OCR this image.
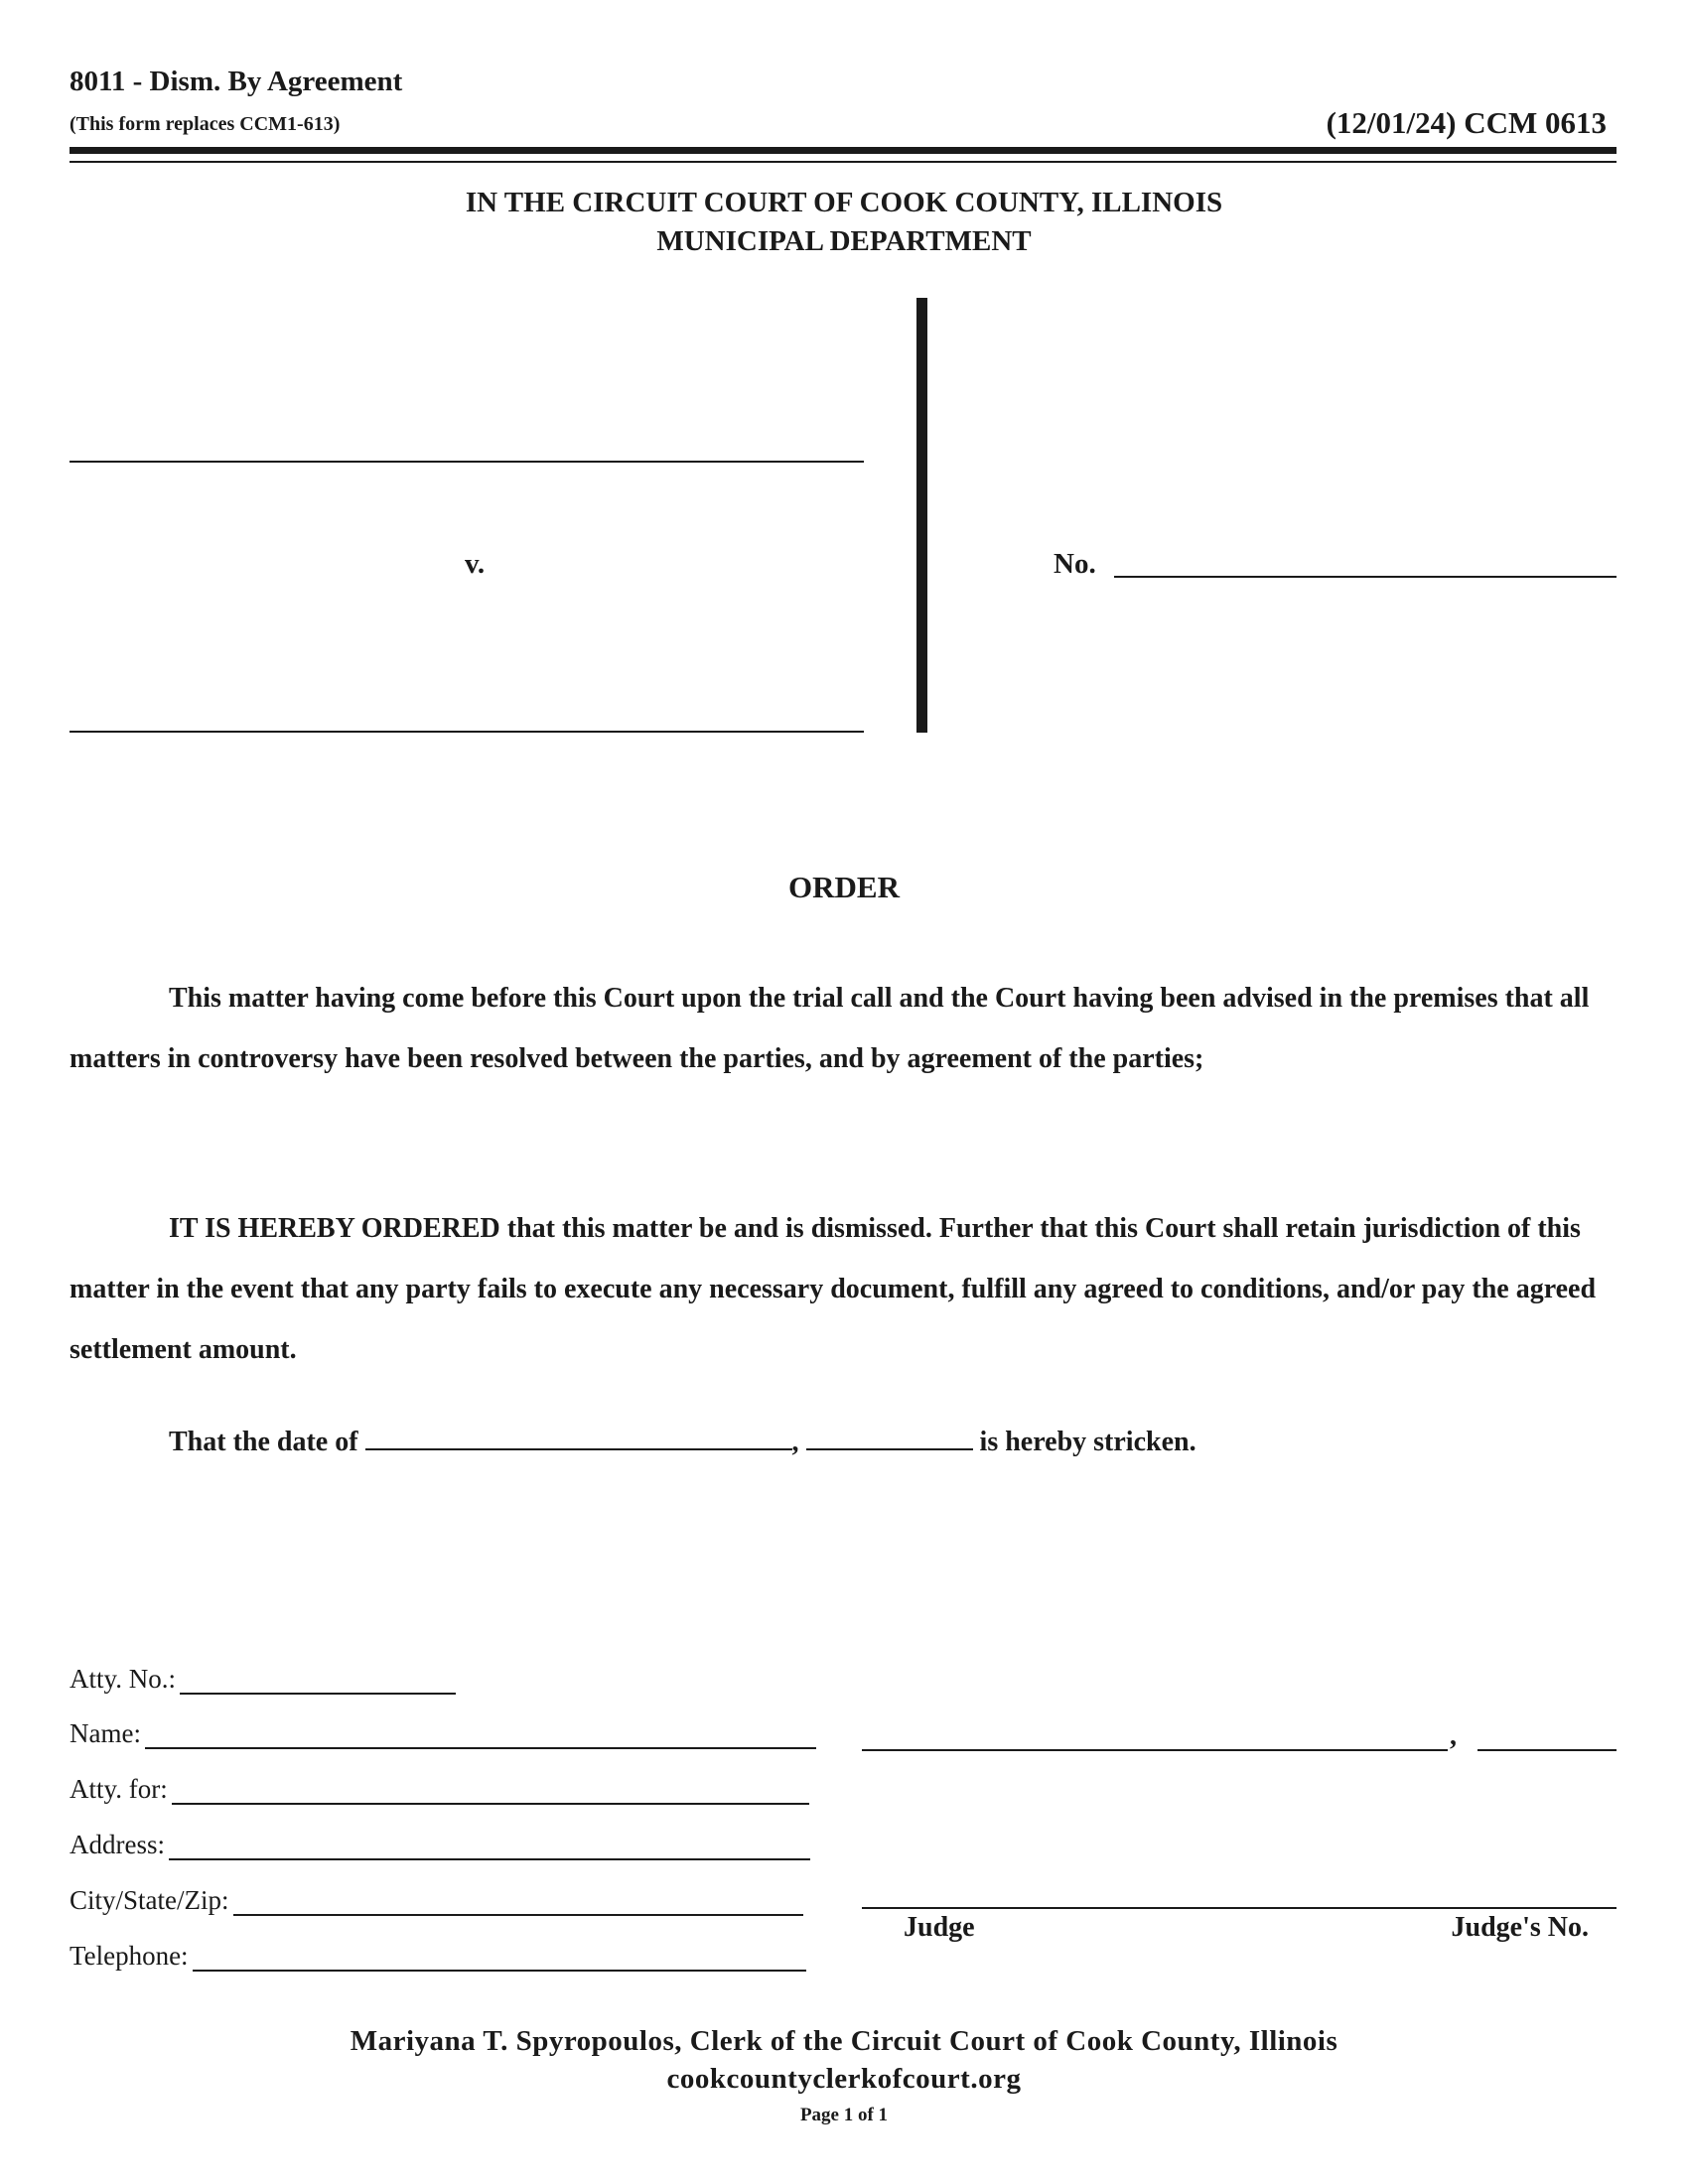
8011 - Dism. By Agreement
(This form replaces CCM1-613)	(12/01/24) CCM 0613
IN THE CIRCUIT COURT OF COOK COUNTY, ILLINOIS
MUNICIPAL DEPARTMENT
v.	No.
ORDER
This matter having come before this Court upon the trial call and the Court having been advised in the premises that all matters in controversy have been resolved between the parties, and by agreement of the parties;
IT IS HEREBY ORDERED that this matter be and is dismissed. Further that this Court shall retain jurisdiction of this matter in the event that any party fails to execute any necessary document, fulfill any agreed to conditions, and/or pay the agreed settlement amount.
That the date of	,	is hereby stricken.
Atty. No.:
Name:
Atty. for:
Address:
City/State/Zip:
Telephone:
,
Judge	Judge's No.
Mariyana T. Spyropoulos, Clerk of the Circuit Court of Cook County, Illinois
cookcountyclerkofcourt.org
Page 1 of 1
